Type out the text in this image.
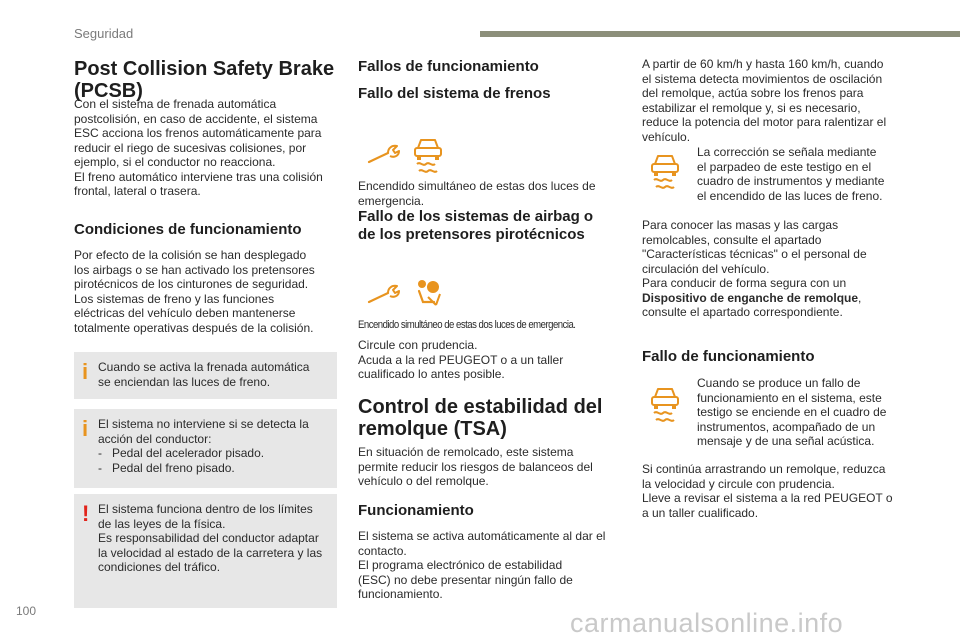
Seguridad
Post Collision Safety Brake
(PCSB)
Con el sistema de frenada automática
postcolisión, en caso de accidente, el sistema
ESC acciona los frenos automáticamente para
reducir el riego de sucesivas colisiones, por
ejemplo, si el conductor no reacciona.
El freno automático interviene tras una colisión
frontal, lateral o trasera.
Condiciones de funcionamiento
Por efecto de la colisión se han desplegado
los airbags o se han activado los pretensores
pirotécnicos de los cinturones de seguridad.
Los sistemas de freno y las funciones
eléctricas del vehículo deben mantenerse
totalmente operativas después de la colisión.
i Cuando se activa la frenada automática
se enciendan las luces de freno.
i El sistema no interviene si se detecta la
acción del conductor:
- Pedal del acelerador pisado.
- Pedal del freno pisado.
! El sistema funciona dentro de los límites
de las leyes de la física.
Es responsabilidad del conductor adaptar
la velocidad al estado de la carretera y las
condiciones del tráfico.
Fallos de funcionamiento
Fallo del sistema de frenos
Encendido simultáneo de estas dos luces de
emergencia.
Fallo de los sistemas de airbag o
de los pretensores pirotécnicos
Encendido simultáneo de estas dos luces de emergencia.
Circule con prudencia.
Acuda a la red PEUGEOT o a un taller
cualificado lo antes posible.
Control de estabilidad del
remolque (TSA)
En situación de remolcado, este sistema
permite reducir los riesgos de balanceos del
vehículo o del remolque.
Funcionamiento
El sistema se activa automáticamente al dar el
contacto.
El programa electrónico de estabilidad
(ESC) no debe presentar ningún fallo de
funcionamiento.
A partir de 60 km/h y hasta 160 km/h, cuando
el sistema detecta movimientos de oscilación
del remolque, actúa sobre los frenos para
estabilizar el remolque y, si es necesario,
reduce la potencia del motor para ralentizar el
vehículo.
La corrección se señala mediante
el parpadeo de este testigo en el
cuadro de instrumentos y mediante
el encendido de las luces de freno.
Para conocer las masas y las cargas
remolcables, consulte el apartado
"Características técnicas" o el personal de
circulación del vehículo.
Para conducir de forma segura con un
Dispositivo de enganche de remolque,
consulte el apartado correspondiente.
Fallo de funcionamiento
Cuando se produce un fallo de
funcionamiento en el sistema, este
testigo se enciende en el cuadro de
instrumentos, acompañado de un
mensaje y de una señal acústica.
Si continúa arrastrando un remolque, reduzca
la velocidad y circule con prudencia.
Lleve a revisar el sistema a la red PEUGEOT o
a un taller cualificado.
100	carmanualsonline.info
